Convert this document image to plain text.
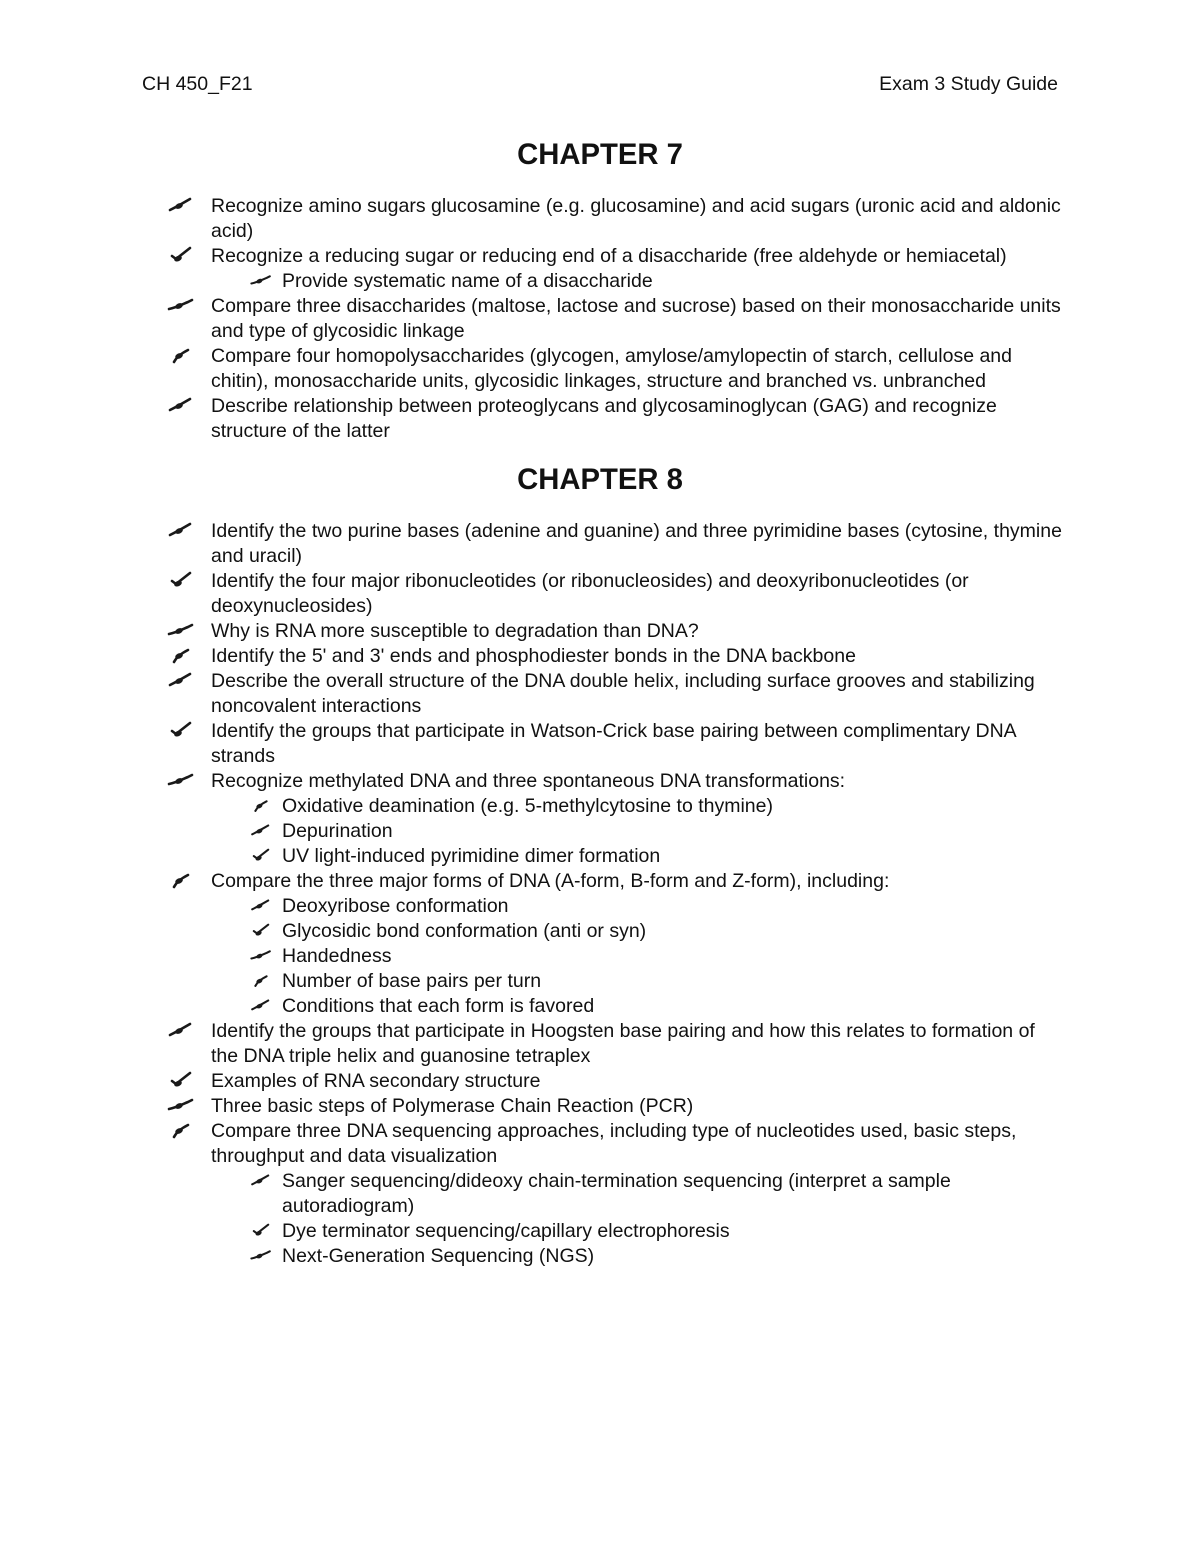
CH 450_F21	Exam 3 Study Guide
CHAPTER 7
Recognize amino sugars glucosamine (e.g. glucosamine) and acid sugars (uronic acid and aldonic acid)
Recognize a reducing sugar or reducing end of a disaccharide (free aldehyde or hemiacetal)
Provide systematic name of a disaccharide
Compare three disaccharides (maltose, lactose and sucrose) based on their monosaccharide units and type of glycosidic linkage
Compare four homopolysaccharides (glycogen, amylose/amylopectin of starch, cellulose and chitin), monosaccharide units, glycosidic linkages, structure and branched vs. unbranched
Describe relationship between proteoglycans and glycosaminoglycan (GAG) and recognize structure of the latter
CHAPTER 8
Identify the two purine bases (adenine and guanine) and three pyrimidine bases (cytosine, thymine and uracil)
Identify the four major ribonucleotides (or ribonucleosides) and deoxyribonucleotides (or deoxynucleosides)
Why is RNA more susceptible to degradation than DNA?
Identify the 5' and 3' ends and phosphodiester bonds in the DNA backbone
Describe the overall structure of the DNA double helix, including surface grooves and stabilizing noncovalent interactions
Identify the groups that participate in Watson-Crick base pairing between complimentary DNA strands
Recognize methylated DNA and three spontaneous DNA transformations:
Oxidative deamination (e.g. 5-methylcytosine to thymine)
Depurination
UV light-induced pyrimidine dimer formation
Compare the three major forms of DNA (A-form, B-form and Z-form), including:
Deoxyribose conformation
Glycosidic bond conformation (anti or syn)
Handedness
Number of base pairs per turn
Conditions that each form is favored
Identify the groups that participate in Hoogsten base pairing and how this relates to formation of the DNA triple helix and guanosine tetraplex
Examples of RNA secondary structure
Three basic steps of Polymerase Chain Reaction (PCR)
Compare three DNA sequencing approaches, including type of nucleotides used, basic steps, throughput and data visualization
Sanger sequencing/dideoxy chain-termination sequencing (interpret a sample autoradiogram)
Dye terminator sequencing/capillary electrophoresis
Next-Generation Sequencing (NGS)
